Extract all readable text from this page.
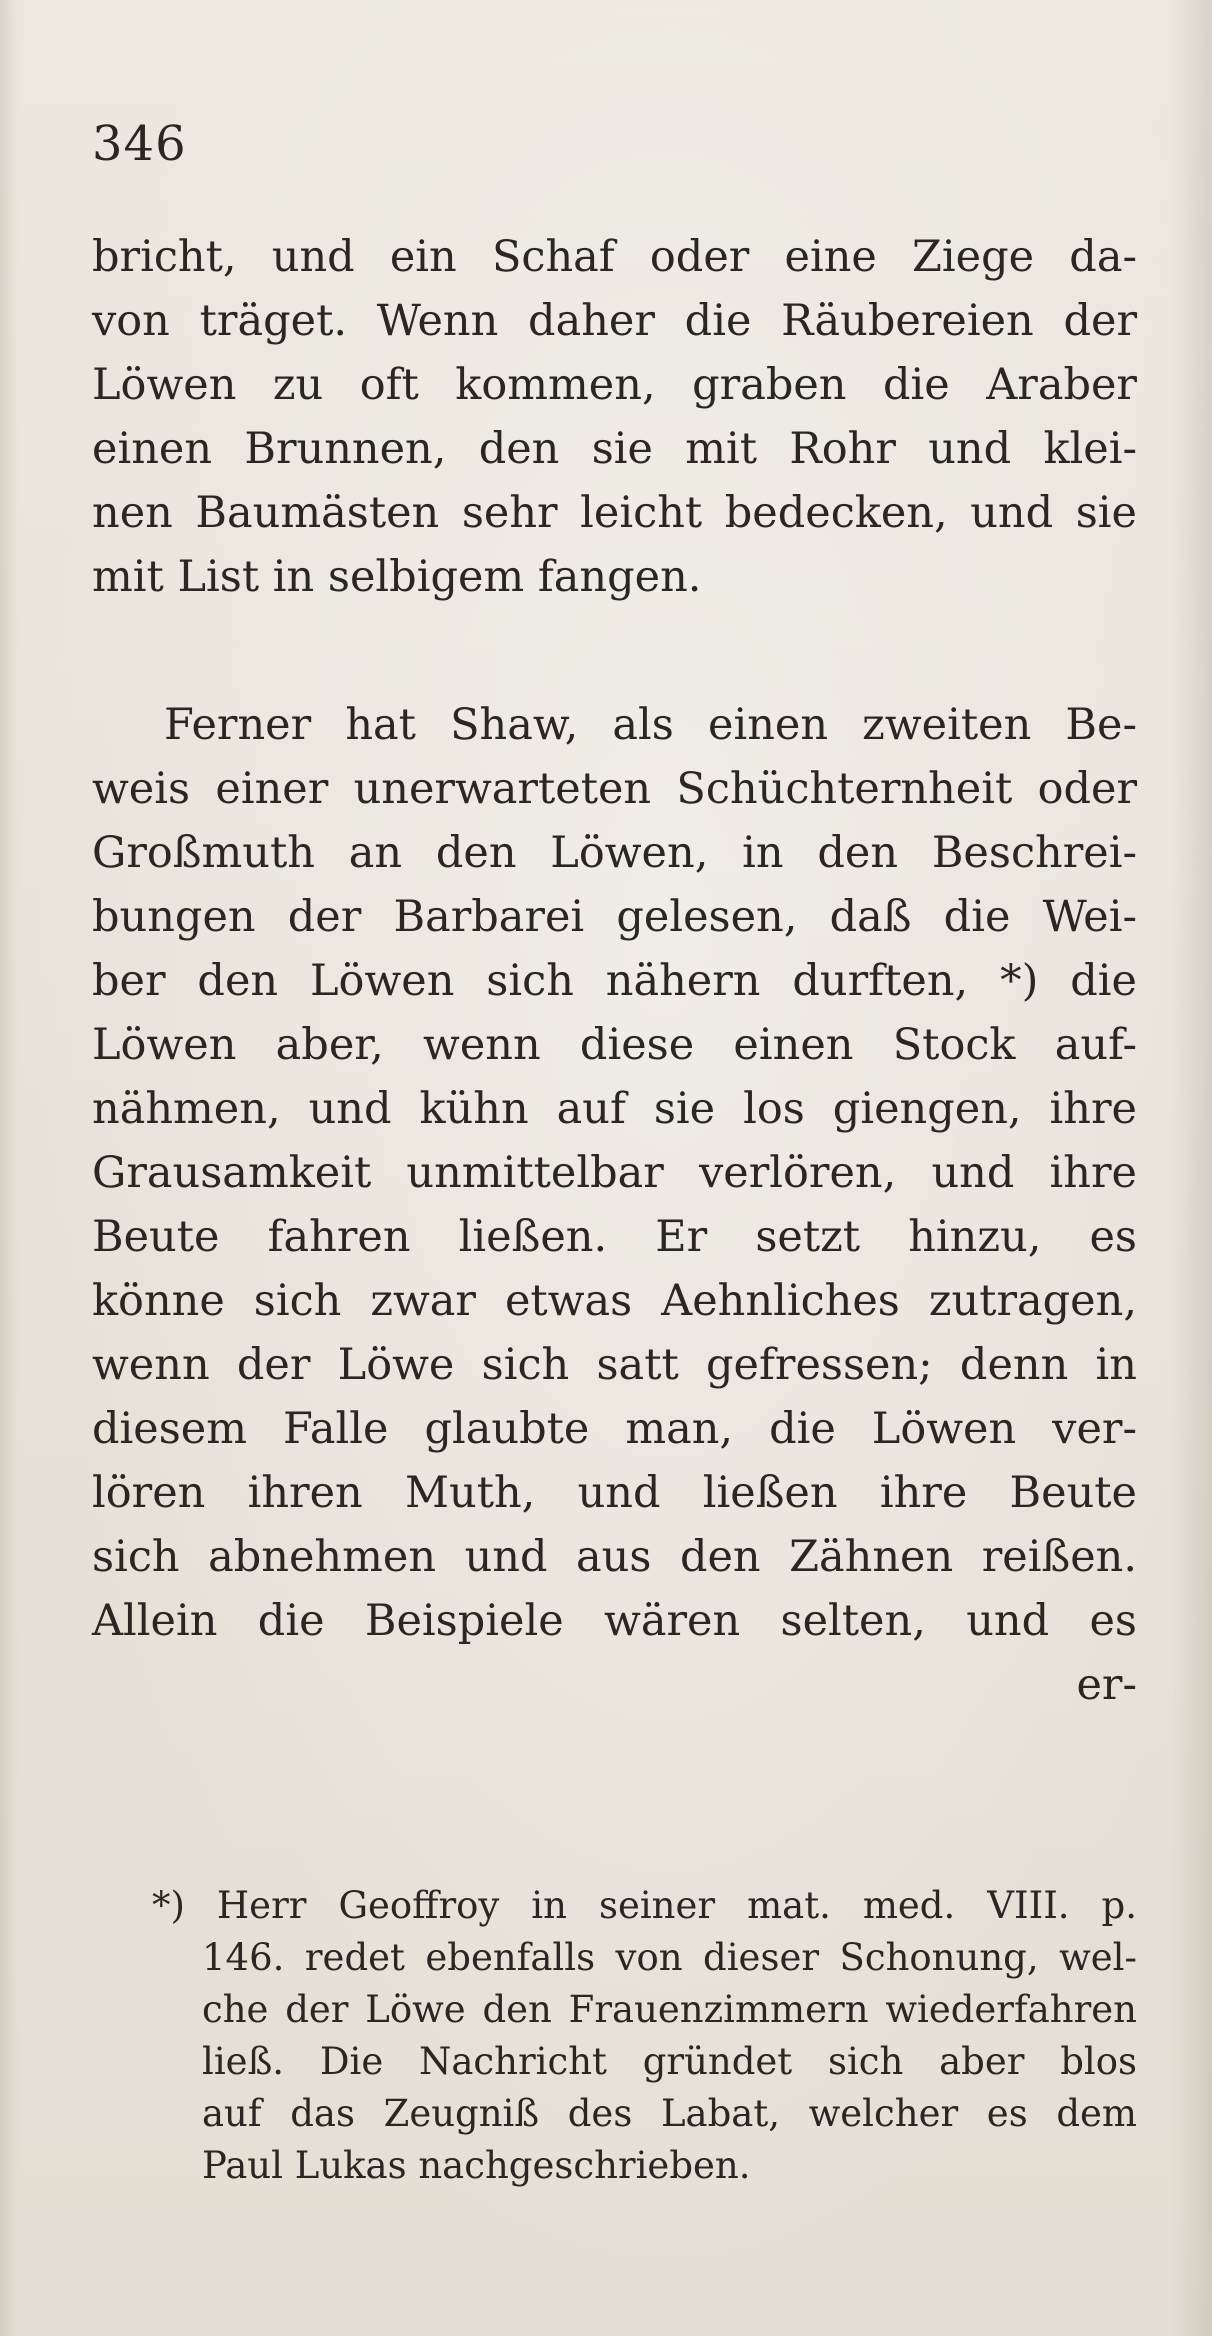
346
bricht, und ein Schaf oder eine Ziege da-
von träget. Wenn daher die Räubereien der
Löwen zu oft kommen, graben die Araber
einen Brunnen, den sie mit Rohr und klei-
nen Baumästen sehr leicht bedecken, und sie
mit List in selbigem fangen.
Ferner hat Shaw, als einen zweiten Be-
weis einer unerwarteten Schüchternheit oder
Großmuth an den Löwen, in den Beschrei-
bungen der Barbarei gelesen, daß die Wei-
ber den Löwen sich nähern durften, *) die
Löwen aber, wenn diese einen Stock auf-
nähmen, und kühn auf sie los giengen, ihre
Grausamkeit unmittelbar verlören, und ihre
Beute fahren ließen. Er setzt hinzu, es
könne sich zwar etwas Aehnliches zutragen,
wenn der Löwe sich satt gefressen; denn in
diesem Falle glaubte man, die Löwen ver-
lören ihren Muth, und ließen ihre Beute
sich abnehmen und aus den Zähnen reißen.
Allein die Beispiele wären selten, und es
er-
*) Herr Geoffroy in seiner mat. med. VIII. p.
146. redet ebenfalls von dieser Schonung, wel-
che der Löwe den Frauenzimmern wiederfahren
ließ. Die Nachricht gründet sich aber blos
auf das Zeugniß des Labat, welcher es dem
Paul Lukas nachgeschrieben.
